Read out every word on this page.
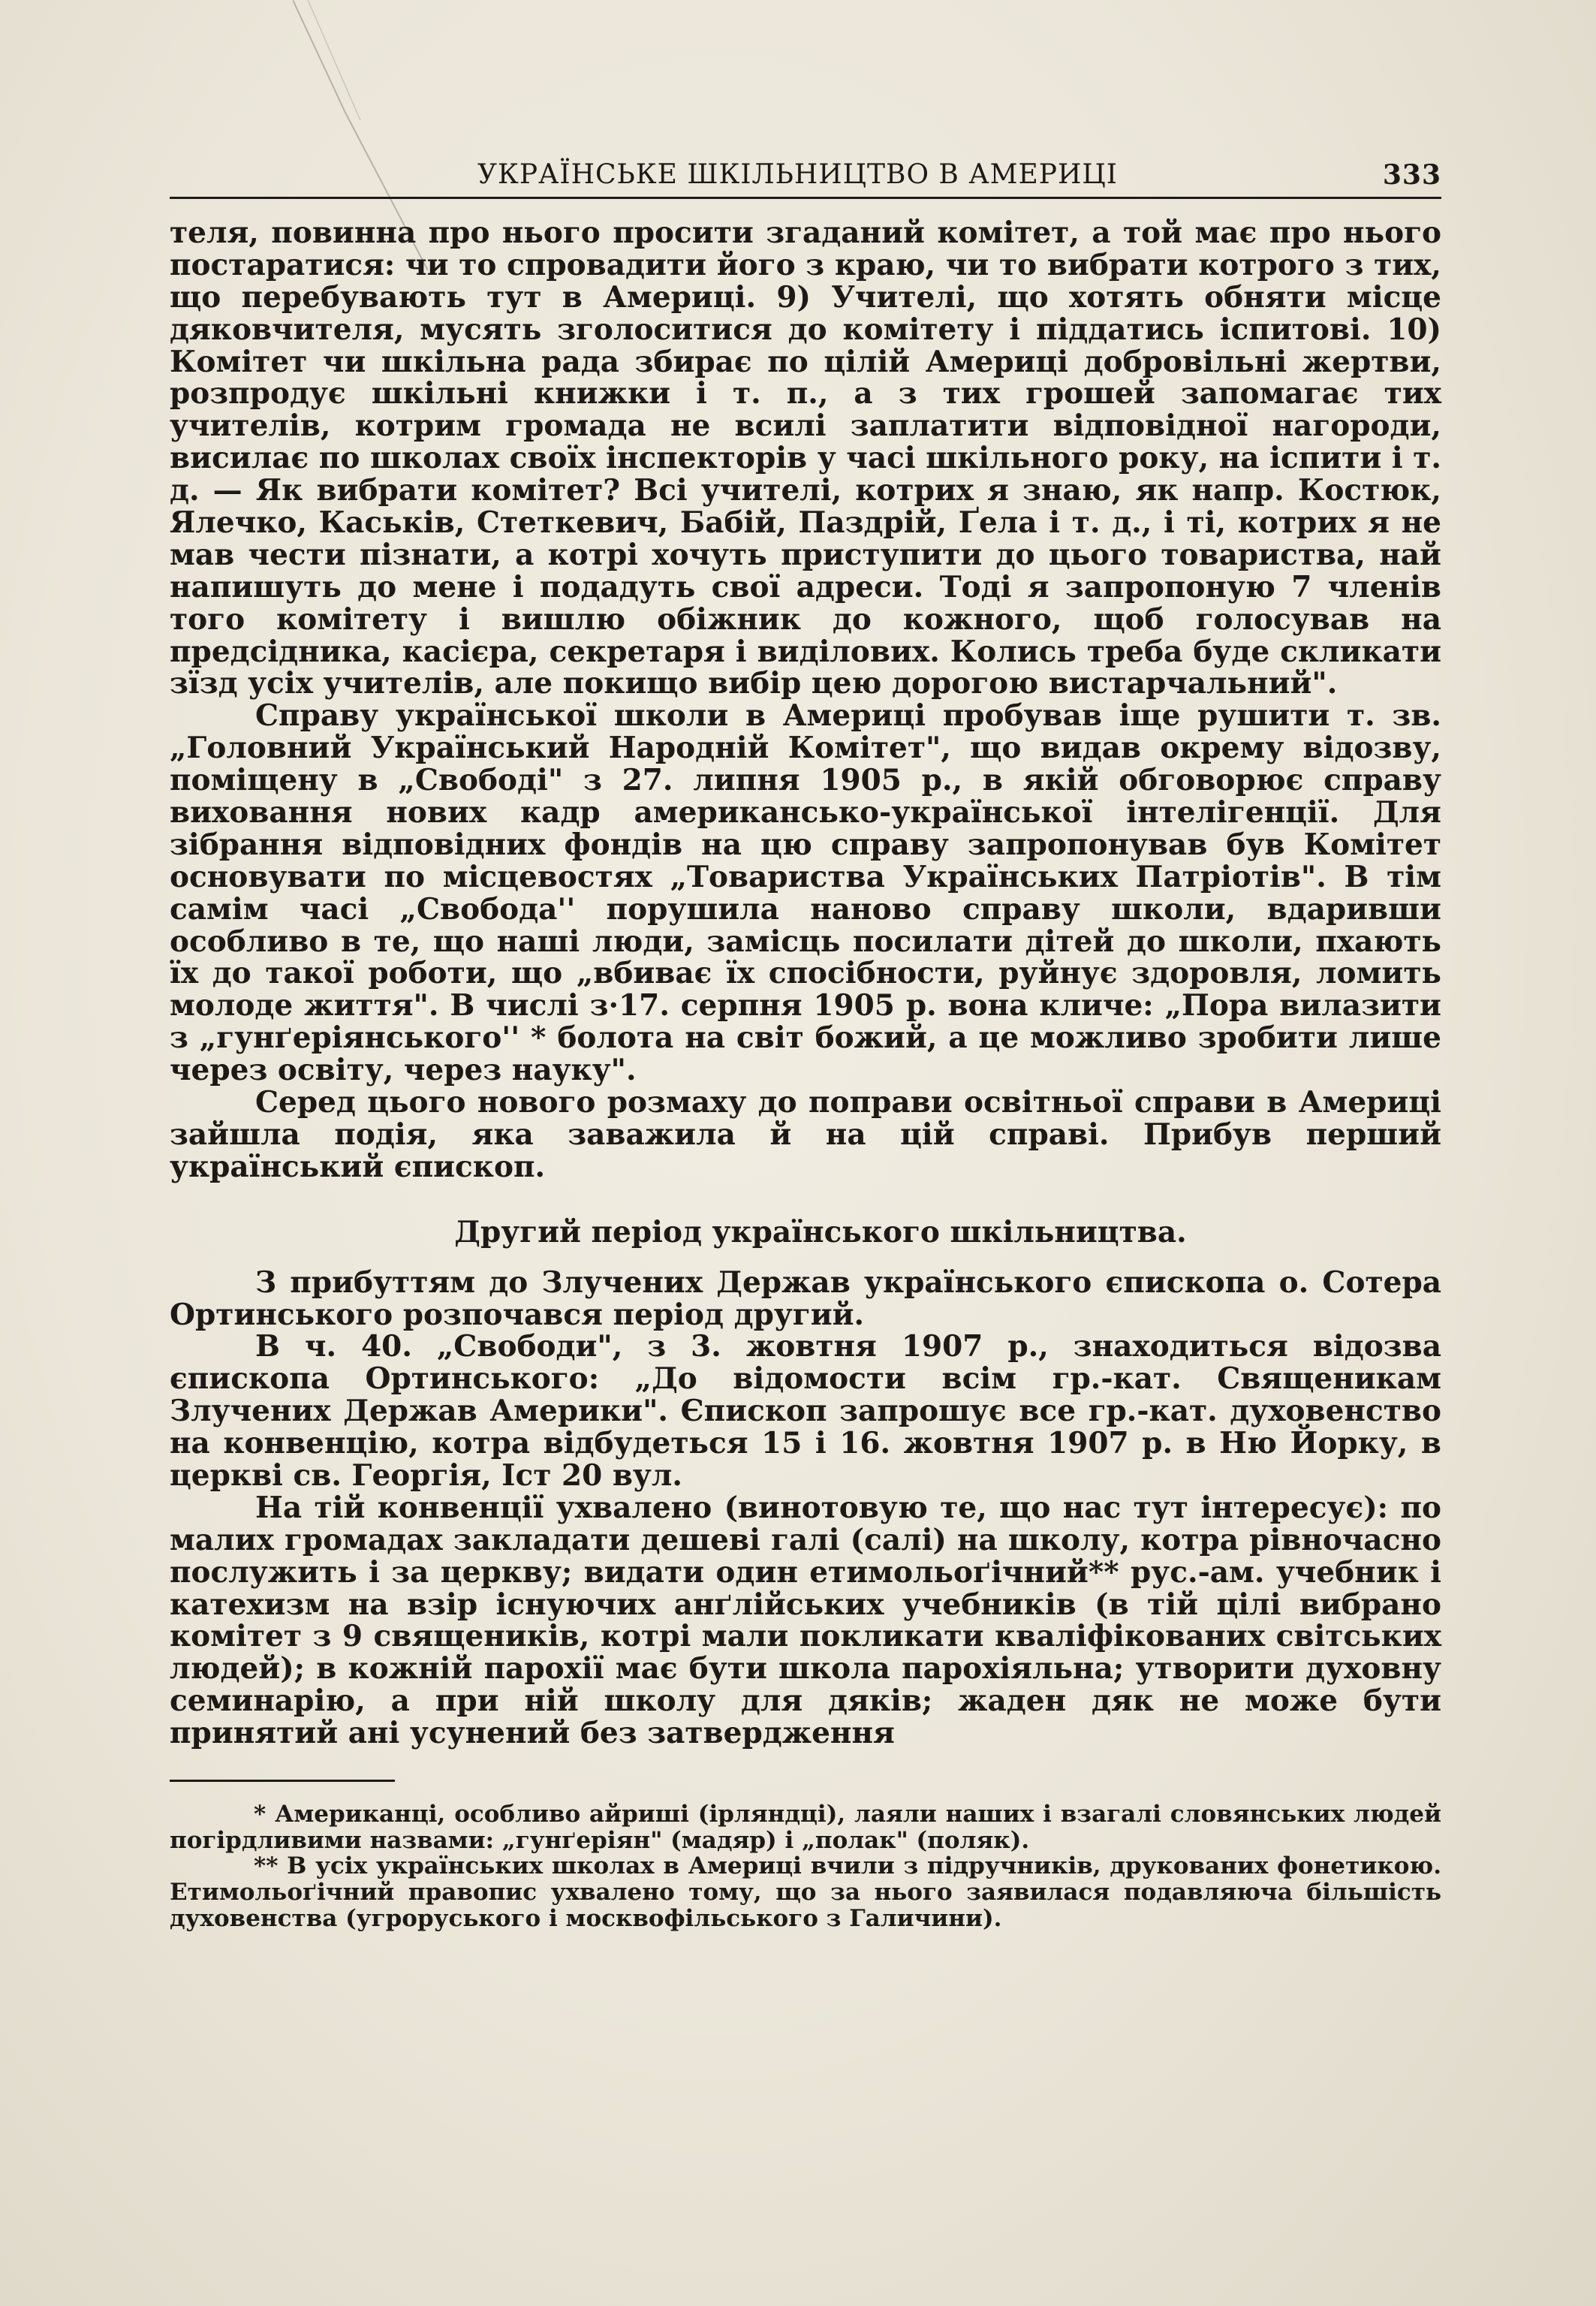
УКРАЇНСЬКЕ ШКІЛЬНИЦТВО В АМЕРИЦІ	333

теля, повинна про нього просити згаданий комітет, а той має про нього постаратися: чи то спровадити його з краю, чи то вибрати котрого з тих, що перебувають тут в Америці. 9) Учителі, що хотять обняти місце дяковчителя, мусять зголоситися до комітету і піддатись іспитові. 10) Комітет чи шкільна рада збирає по цілій Америці добровільні жертви, розпродує шкільні книжки і т. п., а з тих грошей запомагає тих учителів, котрим громада не всилі заплатити відповідної нагороди, висилає по школах своїх інспекторів у часі шкільного року, на іспити і т. д. — Як вибрати комітет? Всі учителі, котрих я знаю, як напр. Костюк, Ялечко, Каськів, Стеткевич, Бабій, Паздрій, Ґела і т. д., і ті, котрих я не мав чести пізнати, а котрі хочуть приступити до цього товариства, най напишуть до мене і подадуть свої адреси. Тоді я запропоную 7 членів того комітету і вишлю обіжник до кожного, щоб голосував на предсідника, касієра, секретаря і виділових. Колись треба буде скликати зїзд усіх учителів, але покищо вибір цею дорогою вистарчальний".

Справу української школи в Америці пробував іще рушити т. зв. „Головний Український Народній Комітет", що видав окрему відозву, поміщену в „Свободі" з 27. липня 1905 р., в якій обговорює справу виховання нових кадр американсько-української інтелігенції. Для зібрання відповідних фондів на цю справу запропонував був Комітет основувати по місцевостях „Товариства Українських Патріотів". В тім самім часі „Свобода'' порушила наново справу школи, вдаривши особливо в те, що наші люди, замісць посилати дітей до школи, пхають їх до такої роботи, що „вбиває їх спосібности, руйнує здоровля, ломить молоде життя". В числі з·17. серпня 1905 р. вона кличе: „Пора вилазити з „гунґеріянського'' * болота на світ божий, а це можливо зробити лише через освіту, через науку".

Серед цього нового розмаху до поправи освітньої справи в Америці зайшла подія, яка заважила й на цій справі. Прибув перший український єпископ.

Другий період українського шкільництва.

З прибуттям до Злучених Держав українського єпископа о. Сотера Ортинського розпочався період другий.

В ч. 40. „Свободи", з 3. жовтня 1907 р., знаходиться відозва єпископа Ортинського: „До відомости всім гр.-кат. Священикам Злучених Держав Америки". Єпископ запрошує все гр.-кат. духовенство на конвенцію, котра відбудеться 15 і 16. жовтня 1907 р. в Ню Йорку, в церкві св. Георгія, Іст 20 вул.

На тій конвенції ухвалено (винотовую те, що нас тут інтересує): по малих громадах закладати дешеві галі (салі) на школу, котра рівночасно послужить і за церкву; видати один етимольоґічний** рус.-ам. учебник і катехизм на взір існуючих анґлійських учебників (в тій цілі вибрано комітет з 9 священиків, котрі мали покликати кваліфікованих світських людей); в кожній парохії має бути школа парохіяльна; утворити духовну семинарію, а при ній школу для дяків; жаден дяк не може бути принятий ані усунений без затвердження

* Американці, особливо айриші (ірляндці), лаяли наших і взагалі словянських людей погірдливими назвами: „гунґеріян" (мадяр) і „полак" (поляк).

** В усіх українських школах в Америці вчили з підручників, друкованих фонетикою. Етимольоґічний правопис ухвалено тому, що за нього заявилася подавляюча більшість духовенства (угроруського і москвофільського з Галичини).
